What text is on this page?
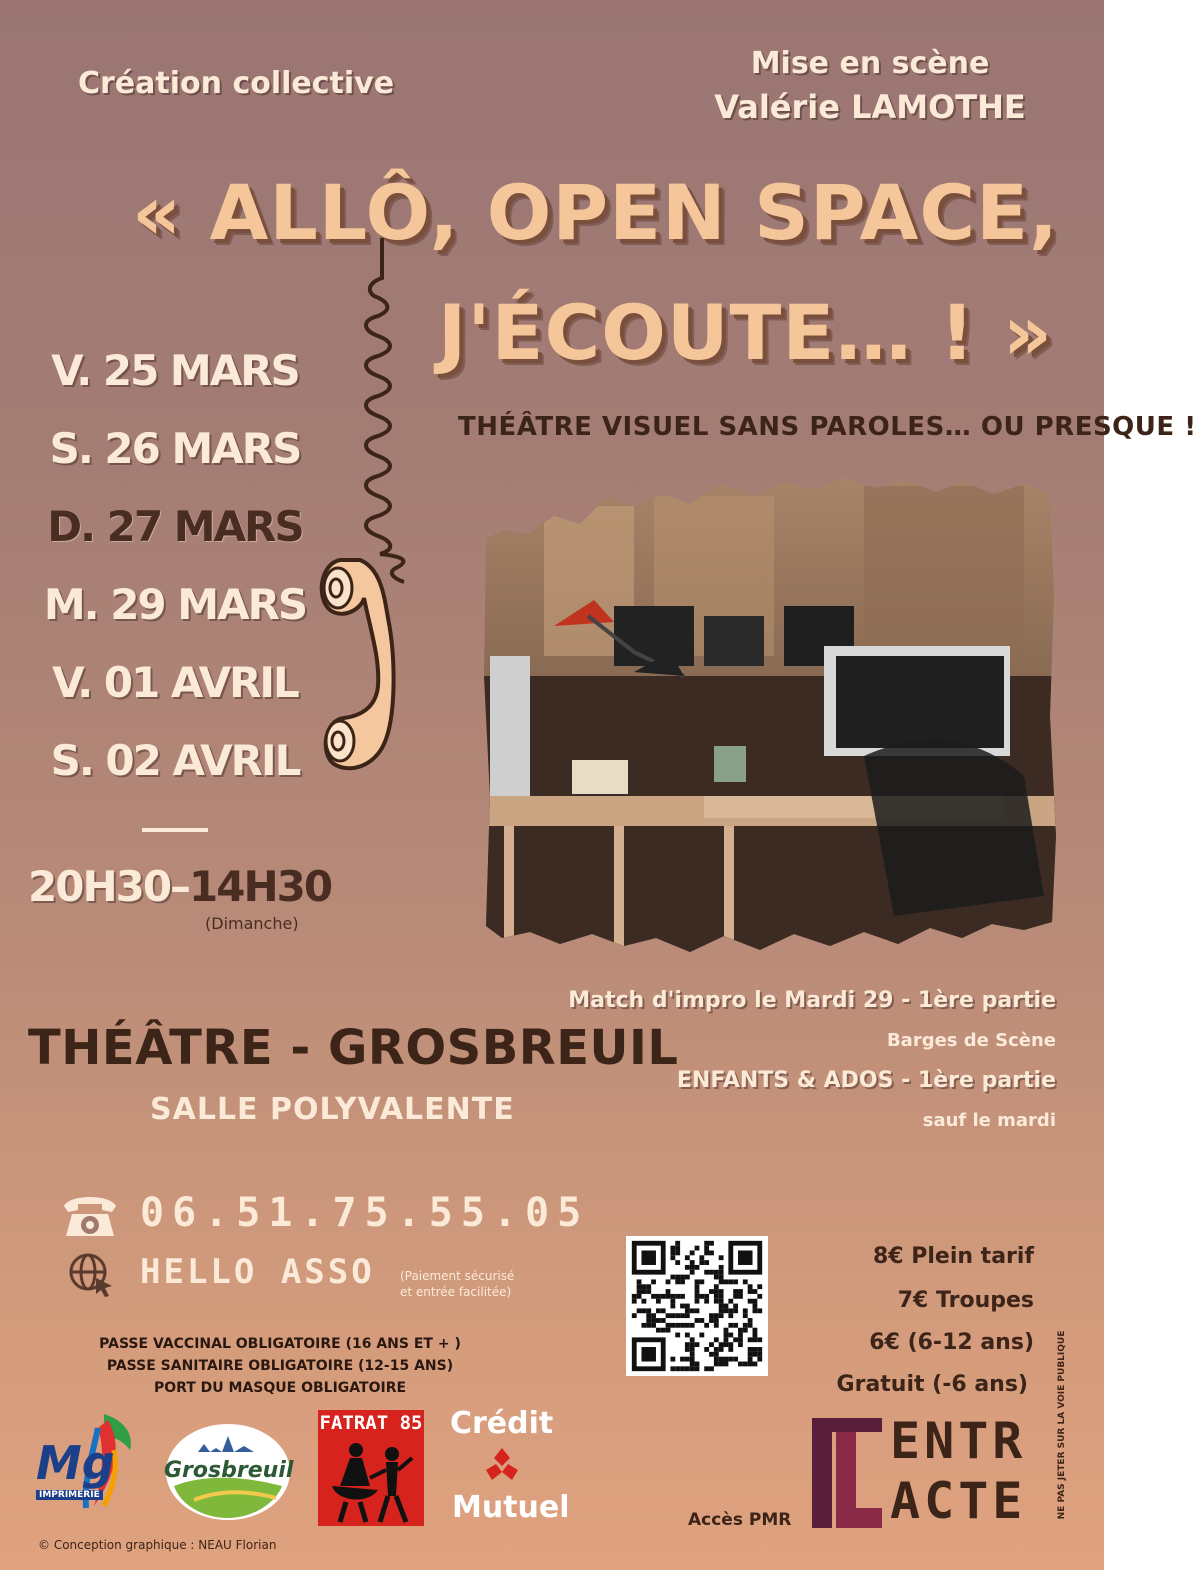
Création collective
Mise en scène
Valérie LAMOTHE
« ALLÔ, OPEN SPACE,
J'ÉCOUTE… ! »
THÉÂTRE VISUEL SANS PAROLES… OU PRESQUE !
V. 25 MARS
S. 26 MARS
D. 27 MARS
M. 29 MARS
V. 01 AVRIL
S. 02 AVRIL
20H30–14H30
(Dimanche)
Match d'impro le Mardi 29 - 1ère partie
Barges de Scène
ENFANTS & ADOS - 1ère partie
sauf le mardi
THÉÂTRE - GROSBREUIL
SALLE POLYVALENTE
06.51.75.55.05
HELLO ASSO (Paiement sécurisé
et entrée facilitée)
PASSE VACCINAL OBLIGATOIRE (16 ANS ET + )
PASSE SANITAIRE OBLIGATOIRE (12-15 ANS)
PORT DU MASQUE OBLIGATOIRE
8€ Plein tarif
7€ Troupes
6€ (6-12 ans)
Gratuit (-6 ans)
Mg
IMPRIMERIE
Grosbreuil
FATRAT 85 Crédit
Mutuel
ENTR
ACTE
Accès PMR
NE PAS JETER SUR LA VOIE PUBLIQUE
© Conception graphique : NEAU Florian
